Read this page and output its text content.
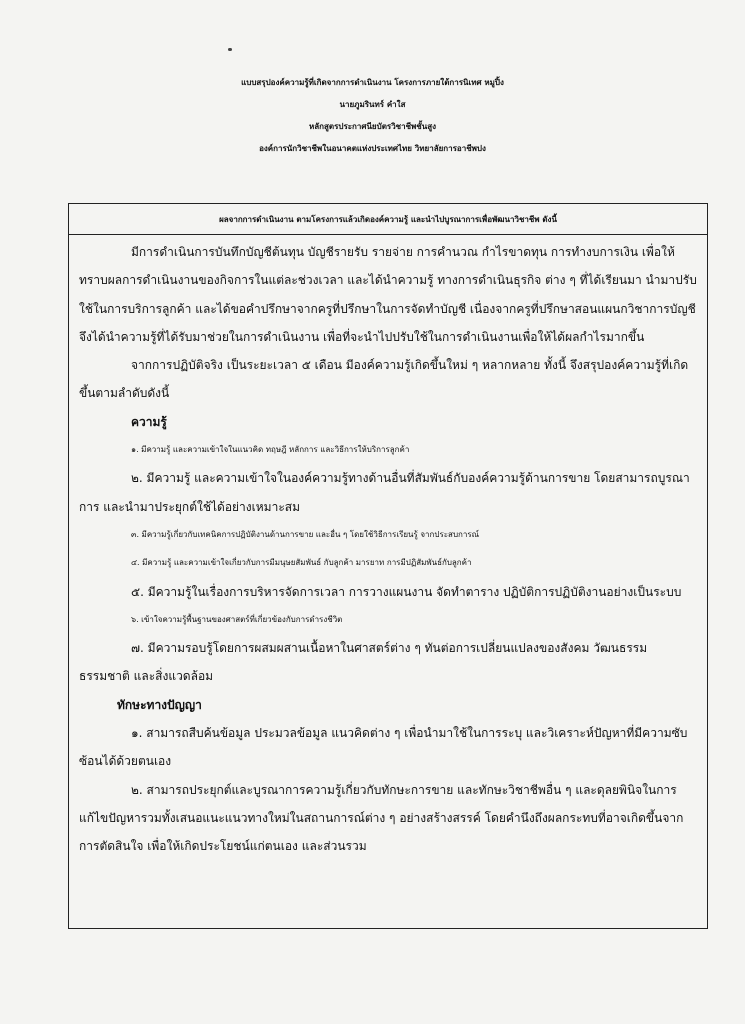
แบบสรุปองค์ความรู้ที่เกิดจากการดำเนินงาน โครงการภายใต้การนิเทศ หมูปิ้ง
นายภูมรินทร์ คำใส
หลักสูตรประกาศนียบัตรวิชาชีพชั้นสูง
องค์การนักวิชาชีพในอนาคตแห่งประเทศไทย วิทยาลัยการอาชีพปง
ผลจากการดำเนินงาน ตามโครงการแล้วเกิดองค์ความรู้ และนำไปบูรณาการเพื่อพัฒนาวิชาชีพ ดังนี้

มีการดำเนินการบันทึกบัญชีต้นทุน บัญชีรายรับ รายจ่าย การคำนวณ กำไรขาดทุน การทำงบการเงิน เพื่อให้ทราบผลการดำเนินงานของกิจการในแต่ละช่วงเวลา และได้นำความรู้ ทางการดำเนินธุรกิจ ต่าง ๆ ที่ได้เรียนมา นำมาปรับใช้ในการบริการลูกค้า และได้ขอคำปรึกษาจากครูที่ปรึกษาในการจัดทำบัญชี เนื่องจากครูที่ปรึกษาสอนแผนกวิชาการบัญชี จึงได้นำความรู้ที่ได้รับมาช่วยในการดำเนินงาน เพื่อที่จะนำไปปรับใช้ในการดำเนินงานเพื่อให้ได้ผลกำไรมากขึ้น

จากการปฏิบัติจริง เป็นระยะเวลา ๕ เดือน มีองค์ความรู้เกิดขึ้นใหม่ ๆ หลากหลาย ทั้งนี้ จึงสรุปองค์ความรู้ที่เกิดขึ้นตามลำดับดังนี้

ความรู้

๑. มีความรู้ และความเข้าใจในแนวคิด ทฤษฎี หลักการ และวิธีการให้บริการลูกค้า

๒. มีความรู้ และความเข้าใจในองค์ความรู้ทางด้านอื่นที่สัมพันธ์กับองค์ความรู้ด้านการขาย โดยสามารถบูรณาการ และนำมาประยุกต์ใช้ได้อย่างเหมาะสม

๓. มีความรู้เกี่ยวกับเทคนิคการปฏิบัติงานด้านการขาย และอื่น ๆ โดยใช้วิธีการเรียนรู้ จากประสบการณ์

๔. มีความรู้ และความเข้าใจเกี่ยวกับการมีมนุษยสัมพันธ์ กับลูกค้า มารยาท การมีปฏิสัมพันธ์กับลูกค้า

๕. มีความรู้ในเรื่องการบริหารจัดการเวลา การวางแผนงาน จัดทำตาราง ปฏิบัติการปฏิบัติงานอย่างเป็นระบบ

๖. เข้าใจความรู้พื้นฐานของศาสตร์ที่เกี่ยวข้องกับการดำรงชีวิต

๗. มีความรอบรู้โดยการผสมผสานเนื้อหาในศาสตร์ต่าง ๆ ทันต่อการเปลี่ยนแปลงของสังคม วัฒนธรรม ธรรมชาติ และสิ่งแวดล้อม

ทักษะทางปัญญา

๑. สามารถสืบค้นข้อมูล ประมวลข้อมูล แนวคิดต่าง ๆ เพื่อนำมาใช้ในการระบุ และวิเคราะห์ปัญหาที่มีความซับซ้อนได้ด้วยตนเอง

๒. สามารถประยุกต์และบูรณาการความรู้เกี่ยวกับทักษะการขาย และทักษะวิชาชีพอื่น ๆ และดุลยพินิจในการแก้ไขปัญหารวมทั้งเสนอแนะแนวทางใหม่ในสถานการณ์ต่าง ๆ อย่างสร้างสรรค์ โดยคำนึงถึงผลกระทบที่อาจเกิดขึ้นจากการตัดสินใจ เพื่อให้เกิดประโยชน์แก่ตนเอง และส่วนรวม
